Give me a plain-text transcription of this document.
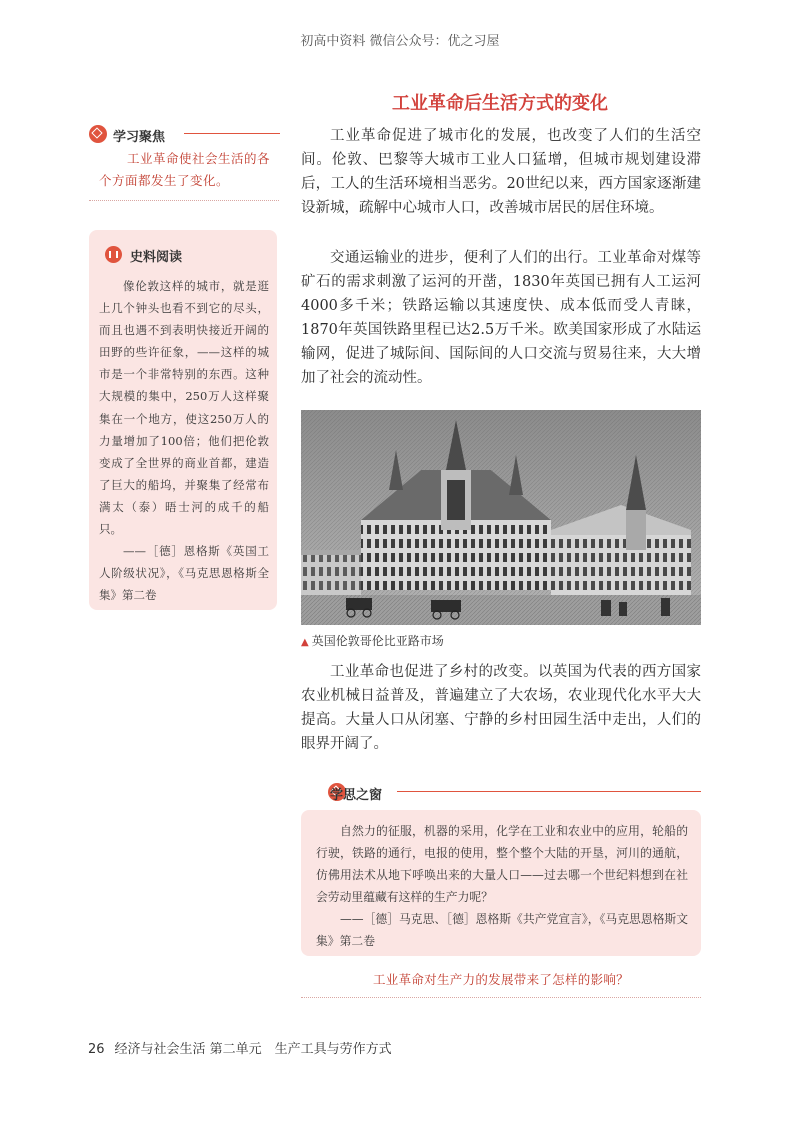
初高中资料 微信公众号：优之习屋
工业革命后生活方式的变化

学习聚焦
工业革命使社会生活的各个方面都发生了变化。
史料阅读

像伦敦这样的城市，就是逛上几个钟头也看不到它的尽头，而且也遇不到表明快接近开阔的田野的些许征象，——这样的城市是一个非常特别的东西。这种大规模的集中，250万人这样聚集在一个地方，使这250万人的力量增加了100倍；他们把伦敦变成了全世界的商业首都，建造了巨大的船坞，并聚集了经常布满太（泰）晤士河的成千的船只。

——［德］恩格斯《英国工人阶级状况》，《马克思恩格斯全集》第二卷

工业革命促进了城市化的发展，也改变了人们的生活空间。伦敦、巴黎等大城市工业人口猛增，但城市规划建设滞后，工人的生活环境相当恶劣。20世纪以来，西方国家逐渐建设新城，疏解中心城市人口，改善城市居民的居住环境。

交通运输业的进步，便利了人们的出行。工业革命对煤等矿石的需求刺激了运河的开凿，1830年英国已拥有人工运河4000多千米；铁路运输以其速度快、成本低而受人青睐，1870年英国铁路里程已达2.5万千米。欧美国家形成了水陆运输网，促进了城际间、国际间的人口交流与贸易往来，大大增加了社会的流动性。

▲ 英国伦敦哥伦比亚路市场

工业革命也促进了乡村的改变。以英国为代表的西方国家农业机械日益普及，普遍建立了大农场，农业现代化水平大大提高。大量人口从闭塞、宁静的乡村田园生活中走出，人们的眼界开阔了。

学思之窗

自然力的征服，机器的采用，化学在工业和农业中的应用，轮船的行驶，铁路的通行，电报的使用，整个整个大陆的开垦，河川的通航，仿佛用法术从地下呼唤出来的大量人口——过去哪一个世纪料想到在社会劳动里蕴藏有这样的生产力呢？

——［德］马克思、［德］恩格斯《共产党宣言》，《马克思恩格斯文集》第二卷

工业革命对生产力的发展带来了怎样的影响？
26 经济与社会生活 第二单元　生产工具与劳作方式
